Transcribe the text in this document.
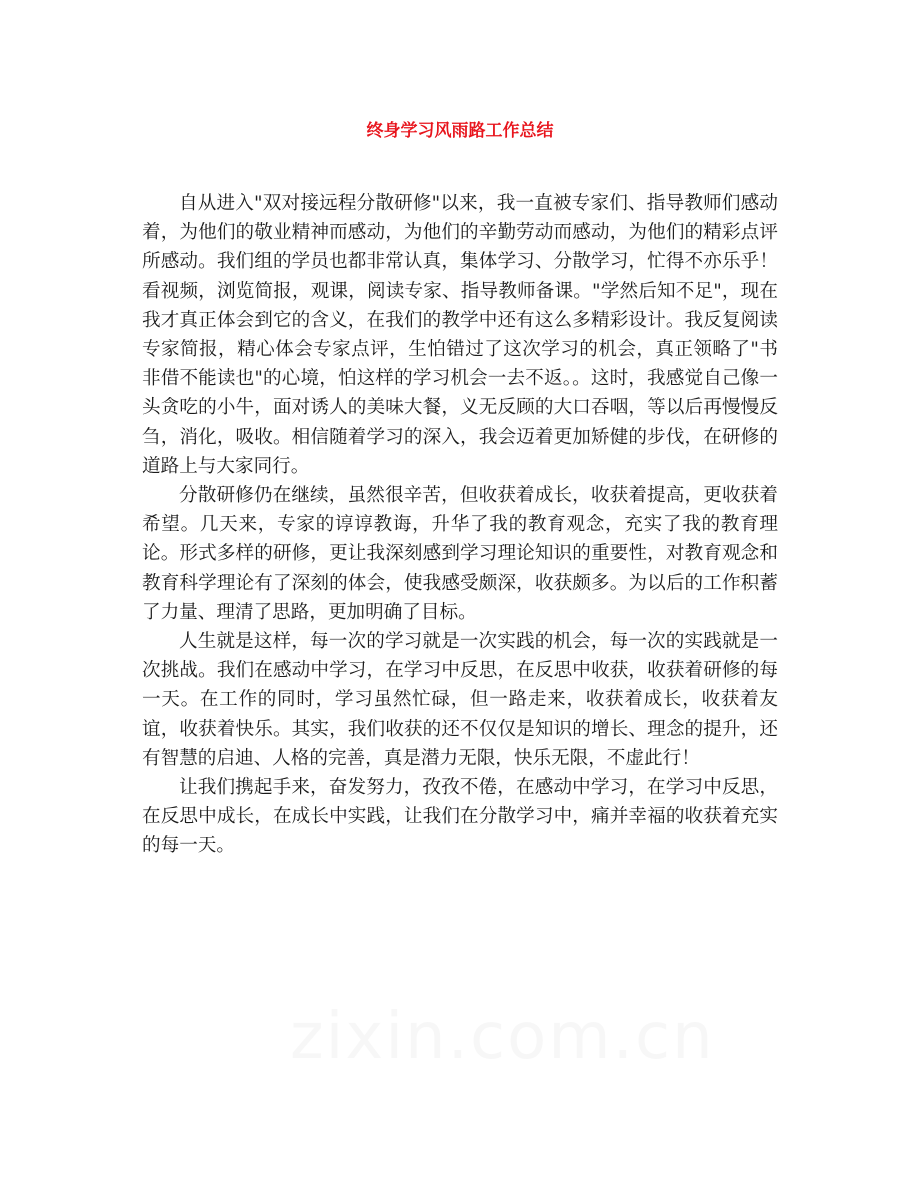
终身学习风雨路工作总结

自从进入"双对接远程分散研修"以来，我一直被专家们、指导教师们感动着，为他们的敬业精神而感动，为他们的辛勤劳动而感动，为他们的精彩点评所感动。我们组的学员也都非常认真，集体学习、分散学习，忙得不亦乐乎！看视频，浏览简报，观课，阅读专家、指导教师备课。"学然后知不足"，现在我才真正体会到它的含义，在我们的教学中还有这么多精彩设计。我反复阅读专家简报，精心体会专家点评，生怕错过了这次学习的机会，真正领略了"书非借不能读也"的心境，怕这样的学习机会一去不返。。这时，我感觉自己像一头贪吃的小牛，面对诱人的美味大餐，义无反顾的大口吞咽，等以后再慢慢反刍，消化，吸收。相信随着学习的深入，我会迈着更加矫健的步伐，在研修的道路上与大家同行。

分散研修仍在继续，虽然很辛苦，但收获着成长，收获着提高，更收获着希望。几天来，专家的谆谆教诲，升华了我的教育观念，充实了我的教育理论。形式多样的研修，更让我深刻感到学习理论知识的重要性，对教育观念和教育科学理论有了深刻的体会，使我感受颇深，收获颇多。为以后的工作积蓄了力量、理清了思路，更加明确了目标。

人生就是这样，每一次的学习就是一次实践的机会，每一次的实践就是一次挑战。我们在感动中学习，在学习中反思，在反思中收获，收获着研修的每一天。在工作的同时，学习虽然忙碌，但一路走来，收获着成长，收获着友谊，收获着快乐。其实，我们收获的还不仅仅是知识的增长、理念的提升，还有智慧的启迪、人格的完善，真是潜力无限，快乐无限，不虚此行！

让我们携起手来，奋发努力，孜孜不倦，在感动中学习，在学习中反思，在反思中成长，在成长中实践，让我们在分散学习中，痛并幸福的收获着充实的每一天。

zixin.com.cn
